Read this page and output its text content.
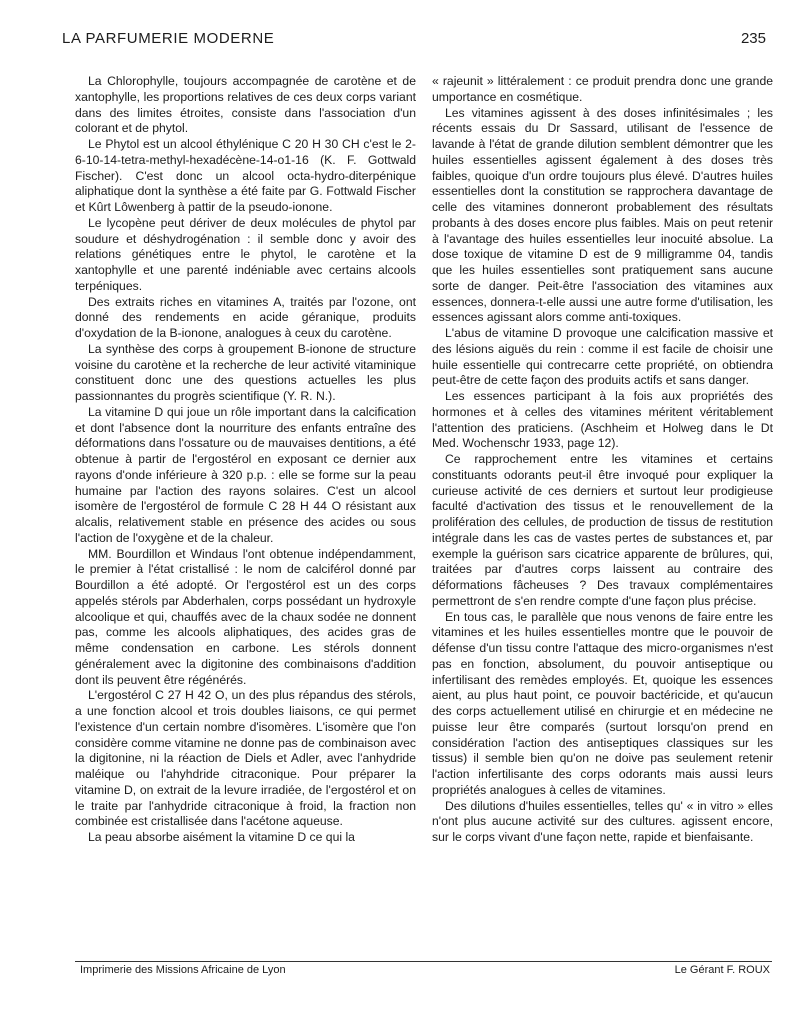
LA PARFUMERIE MODERNE	235

La Chlorophylle, toujours accompagnée de carotène et de xantophylle, les proportions relatives de ces deux corps variant dans des limites étroites, consiste dans l'association d'un colorant et de phytol.

Le Phytol est un alcool éthylénique C 20 H 30 CH c'est le 2-6-10-14-tetra-methyl-hexadécène-14-o1-16 (K. F. Gottwald Fischer). C'est donc un alcool octa-hydro-diterpénique aliphatique dont la synthèse a été faite par G. Fottwald Fischer et Kûrt Lôwenberg à pattir de la pseudo-ionone.

Le lycopène peut dériver de deux molécules de phytol par soudure et déshydrogénation : il semble donc y avoir des relations génétiques entre le phytol, le carotène et la xantophylle et une parenté indéniable avec certains alcools terpéniques.

Des extraits riches en vitamines A, traités par l'ozone, ont donné des rendements en acide géranique, produits d'oxydation de la B-ionone, analogues à ceux du carotène.

La synthèse des corps à groupement B-ionone de structure voisine du carotène et la recherche de leur activité vitaminique constituent donc une des questions actuelles les plus passionnantes du progrès scientifique (Y. R. N.).

La vitamine D qui joue un rôle important dans la calcification et dont l'absence dont la nourriture des enfants entraîne des déformations dans l'ossature ou de mauvaises dentitions, a été obtenue à partir de l'ergostérol en exposant ce dernier aux rayons d'onde inférieure à 320 p.p. : elle se forme sur la peau humaine par l'action des rayons solaires. C'est un alcool isomère de l'ergostérol de formule C 28 H 44 O résistant aux alcalis, relativement stable en présence des acides ou sous l'action de l'oxygène et de la chaleur.

MM. Bourdillon et Windaus l'ont obtenue indépendamment, le premier à l'état cristallisé : le nom de calciférol donné par Bourdillon a été adopté. Or l'ergostérol est un des corps appelés stérols par Abderhalen, corps possédant un hydroxyle alcoolique et qui, chauffés avec de la chaux sodée ne donnent pas, comme les alcools aliphatiques, des acides gras de même condensation en carbone. Les stérols donnent généralement avec la digitonine des combinaisons d'addition dont ils peuvent être régénérés.

L'ergostérol C 27 H 42 O, un des plus répandus des stérols, a une fonction alcool et trois doubles liaisons, ce qui permet l'existence d'un certain nombre d'isomères. L'isomère que l'on considère comme vitamine ne donne pas de combinaison avec la digitonine, ni la réaction de Diels et Adler, avec l'anhydride maléique ou l'ahyhdride citraconique. Pour préparer la vitamine D, on extrait de la levure irradiée, de l'ergostérol et on le traite par l'anhydride citraconique à froid, la fraction non combinée est cristallisée dans l'acétone aqueuse.

La peau absorbe aisément la vitamine D ce qui la

« rajeunit » littéralement : ce produit prendra donc une grande umportance en cosmétique.

Les vitamines agissent à des doses infinitésimales ; les récents essais du Dr Sassard, utilisant de l'essence de lavande à l'état de grande dilution semblent démontrer que les huiles essentielles agissent également à des doses très faibles, quoique d'un ordre toujours plus élevé. D'autres huiles essentielles dont la constitution se rapprochera davantage de celle des vitamines donneront probablement des résultats probants à des doses encore plus faibles. Mais on peut retenir à l'avantage des huiles essentielles leur inocuité absolue. La dose toxique de vitamine D est de 9 milligramme 04, tandis que les huiles essentielles sont pratiquement sans aucune sorte de danger. Peit-être l'association des vitamines aux essences, donnera-t-elle aussi une autre forme d'utilisation, les essences agissant alors comme anti-toxiques.

L'abus de vitamine D provoque une calcification massive et des lésions aiguës du rein : comme il est facile de choisir une huile essentielle qui contrecarre cette propriété, on obtiendra peut-être de cette façon des produits actifs et sans danger.

Les essences participant à la fois aux propriétés des hormones et à celles des vitamines méritent véritablement l'attention des praticiens. (Aschheim et Holweg dans le Dt Med. Wochenschr 1933, page 12).

Ce rapprochement entre les vitamines et certains constituants odorants peut-il être invoqué pour expliquer la curieuse activité de ces derniers et surtout leur prodigieuse faculté d'activation des tissus et le renouvellement de la prolifération des cellules, de production de tissus de restitution intégrale dans les cas de vastes pertes de substances et, par exemple la guérison sars cicatrice apparente de brûlures, qui, traitées par d'autres corps laissent au contraire des déformations fâcheuses ? Des travaux complémentaires permettront de s'en rendre compte d'une façon plus précise.

En tous cas, le parallèle que nous venons de faire entre les vitamines et les huiles essentielles montre que le pouvoir de défense d'un tissu contre l'attaque des micro-organismes n'est pas en fonction, absolument, du pouvoir antiseptique ou infertilisant des remèdes employés. Et, quoique les essences aient, au plus haut point, ce pouvoir bactéricide, et qu'aucun des corps actuellement utilisé en chirurgie et en médecine ne puisse leur être comparés (surtout lorsqu'on prend en considération l'action des antiseptiques classiques sur les tissus) il semble bien qu'on ne doive pas seulement retenir l'action infertilisante des corps odorants mais aussi leurs propriétés analogues à celles de vitamines.

Des dilutions d'huiles essentielles, telles qu' « in vitro » elles n'ont plus aucune activité sur des cultures. agissent encore, sur le corps vivant d'une façon nette, rapide et bienfaisante.

Imprimerie des Missions Africaine de Lyon	Le Gérant F. ROUX
